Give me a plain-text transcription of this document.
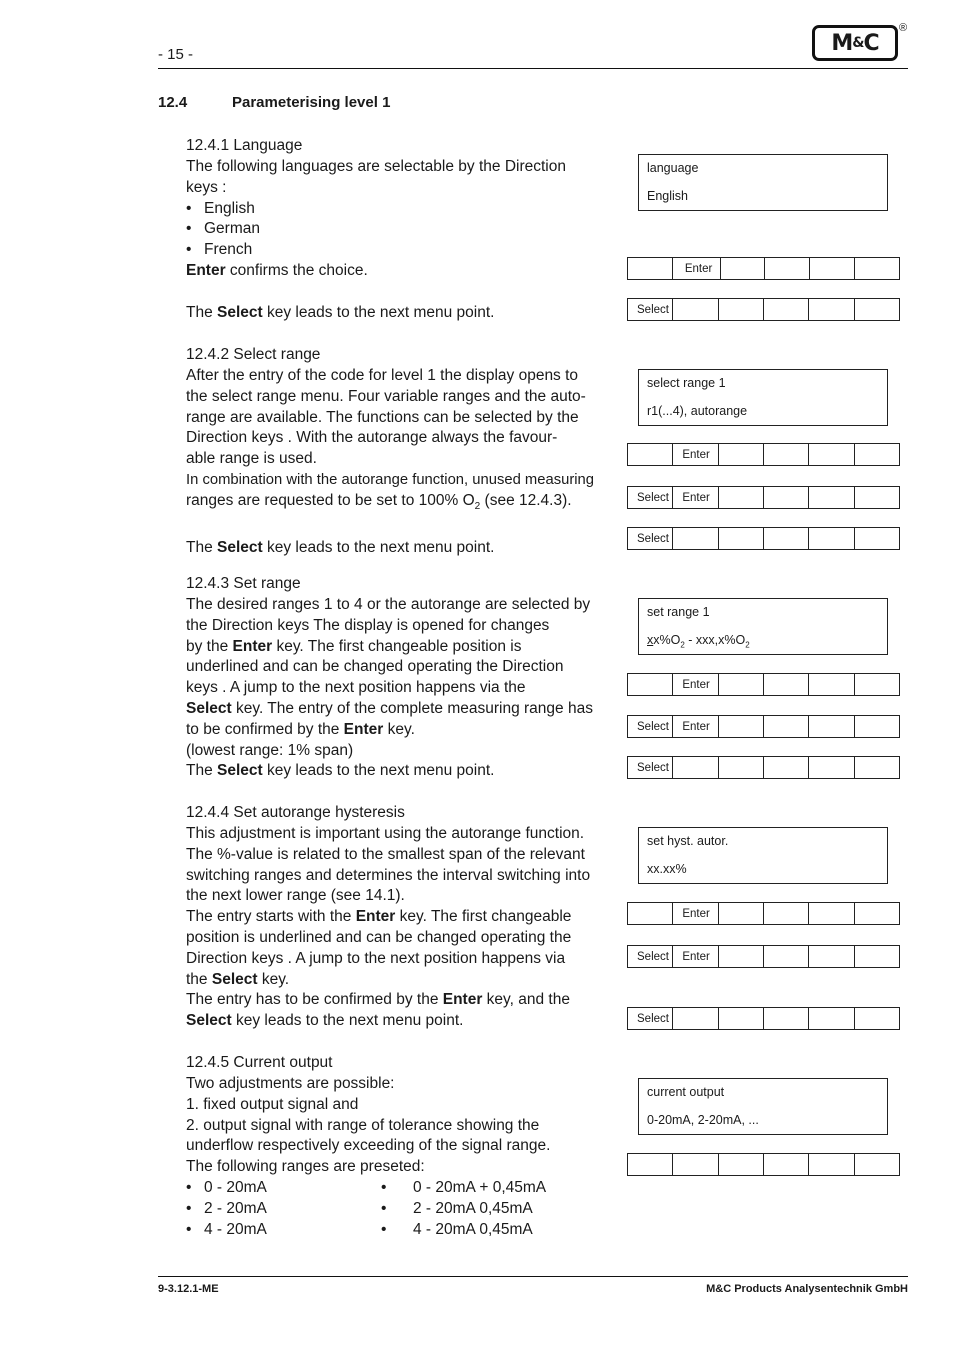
- 15 -	M & C
®
12.4	Parameterising level 1
12.4.1 Language
The following languages are selectable by the Direction
keys :
• English
• German
• French
Enter confirms the choice.

The Select key leads to the next menu point.
12.4.2 Select range
After the entry of the code for level 1 the display opens to
the select range menu. Four variable ranges and the auto-
range are available. The functions can be selected by the
Direction keys . With the autorange always the favour-
able range is used.
In combination with the autorange function, unused measuring
ranges are requested to be set to 100% $O_2$ (see 12.4.3).

The Select key leads to the next menu point.
12.4.3 Set range
The desired ranges 1 to 4 or the autorange are selected by
the Direction keys The display is opened for changes
by the Enter key. The first changeable position is
underlined and can be changed operating the Direction
keys . A jump to the next position happens via the
Select key. The entry of the complete measuring range has
to be confirmed by the Enter key.
(lowest range: 1% span)
The Select key leads to the next menu point.
12.4.4 Set autorange hysteresis
This adjustment is important using the autorange function.
The %-value is related to the smallest span of the relevant
switching ranges and determines the interval switching into
the next lower range (see 14.1).
The entry starts with the Enter key. The first changeable
position is underlined and can be changed operating the
Direction keys . A jump to the next position happens via
the Select key.
The entry has to be confirmed by the Enter key, and the
Select key leads to the next menu point.
12.4.5 Current output
Two adjustments are possible:
1. fixed output signal and
2. output signal with range of tolerance showing the
underflow respectively exceeding of the signal range.
The following ranges are preseted:
• 0 - 20mA
• 2 - 20mA
• 4 - 20mA
• 0 - 20mA + 0,45mA
• 2 - 20mA 0,45mA
• 4 - 20mA 0,45mA
language
English
select range 1
r1(...4), autorange
set range 1
$xx\%O_2 - xxx,x\%O_2$
set hyst. autor.
xx.xx%
current output
0-20mA, 2-20mA, ...
Enter
Select
Enter
Select	Enter
Select
Enter
Select	Enter
Select
Enter
Select	Enter
Select
9-3.12.1-ME	M&C Products Analysentechnik GmbH
